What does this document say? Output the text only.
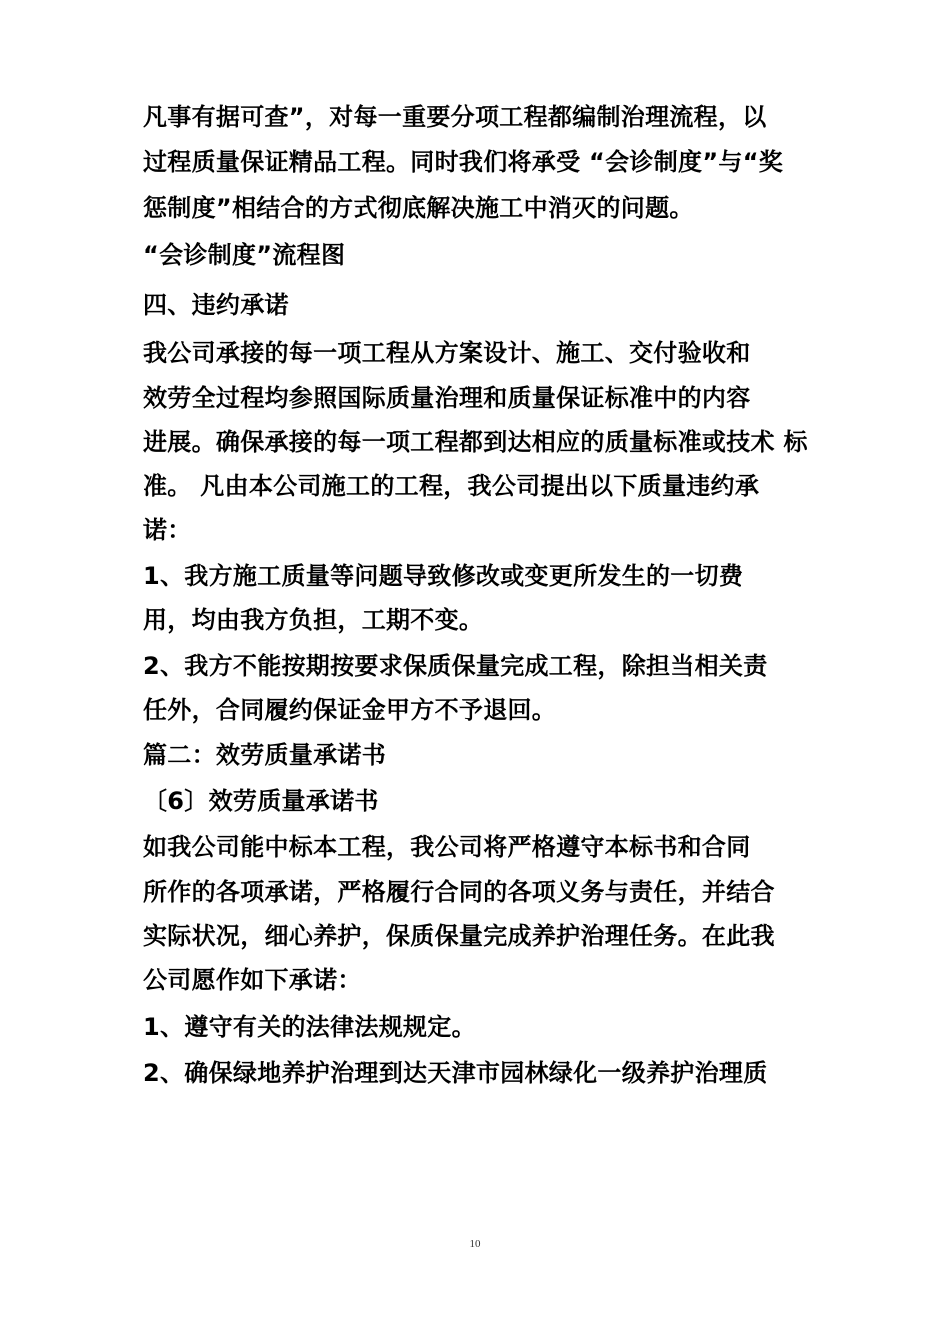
凡事有据可查”，对每一重要分项工程都编制治理流程，以
过程质量保证精品工程。同时我们将承受 “会诊制度”与“奖
惩制度”相结合的方式彻底解决施工中消灭的问题。
“会诊制度”流程图
四、违约承诺
我公司承接的每一项工程从方案设计、施工、交付验收和
效劳全过程均参照国际质量治理和质量保证标准中的内容
进展。确保承接的每一项工程都到达相应的质量标准或技术 标
准。 凡由本公司施工的工程，我公司提出以下质量违约承
诺：
1、我方施工质量等问题导致修改或变更所发生的一切费
用，均由我方负担，工期不变。
2、我方不能按期按要求保质保量完成工程，除担当相关责
任外，合同履约保证金甲方不予退回。
篇二：效劳质量承诺书
〔6〕效劳质量承诺书
如我公司能中标本工程，我公司将严格遵守本标书和合同
所作的各项承诺，严格履行合同的各项义务与责任，并结合
实际状况，细心养护，保质保量完成养护治理任务。在此我
公司愿作如下承诺：
1、遵守有关的法律法规规定。
2、确保绿地养护治理到达天津市园林绿化一级养护治理质
10
